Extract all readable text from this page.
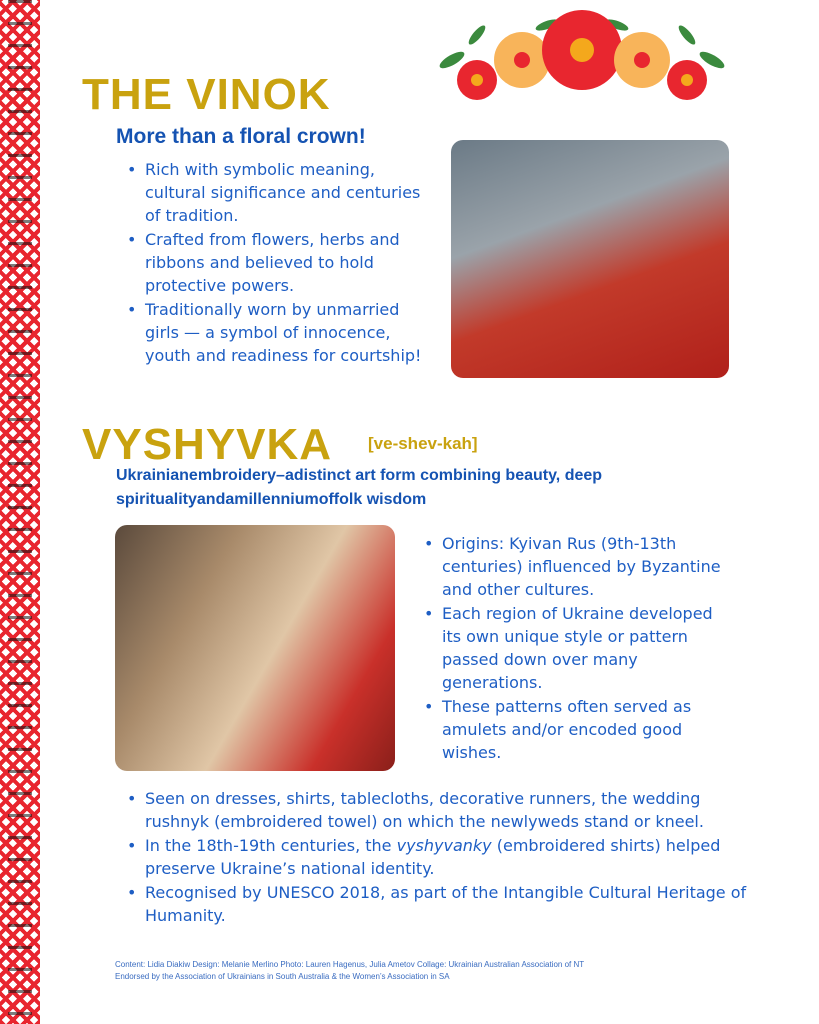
THE VINOK
More than a floral crown!
• Rich with symbolic meaning, cultural significance and centuries of tradition.
• Crafted from flowers, herbs and ribbons and believed to hold protective powers.
• Traditionally worn by unmarried girls — a symbol of innocence, youth and readiness for courtship!
VYSHYVKA [ve-shev-kah]

Ukrainianembroidery–adistinct art form combining beauty, deep spiritualityandamillenniumoffolk wisdom

• Origins: Kyivan Rus (9th-13th centuries) influenced by Byzantine and other cultures.
• Each region of Ukraine developed its own unique style or pattern passed down over many generations.
• These patterns often served as amulets and/or encoded good wishes.
• Seen on dresses, shirts, tablecloths, decorative runners, the wedding rushnyk (embroidered towel) on which the newlyweds stand or kneel.
• In the 18th-19th centuries, the vyshyvanky (embroidered shirts) helped preserve Ukraine’s national identity.
• Recognised by UNESCO 2018, as part of the Intangible Cultural Heritage of Humanity.

Content: Lidia Diakiw Design: Melanie Merlino Photo: Lauren Hagenus, Julia Ametov Collage: Ukrainian Australian Association of NT
Endorsed by the Association of Ukrainians in South Australia & the Women’s Association in SA
